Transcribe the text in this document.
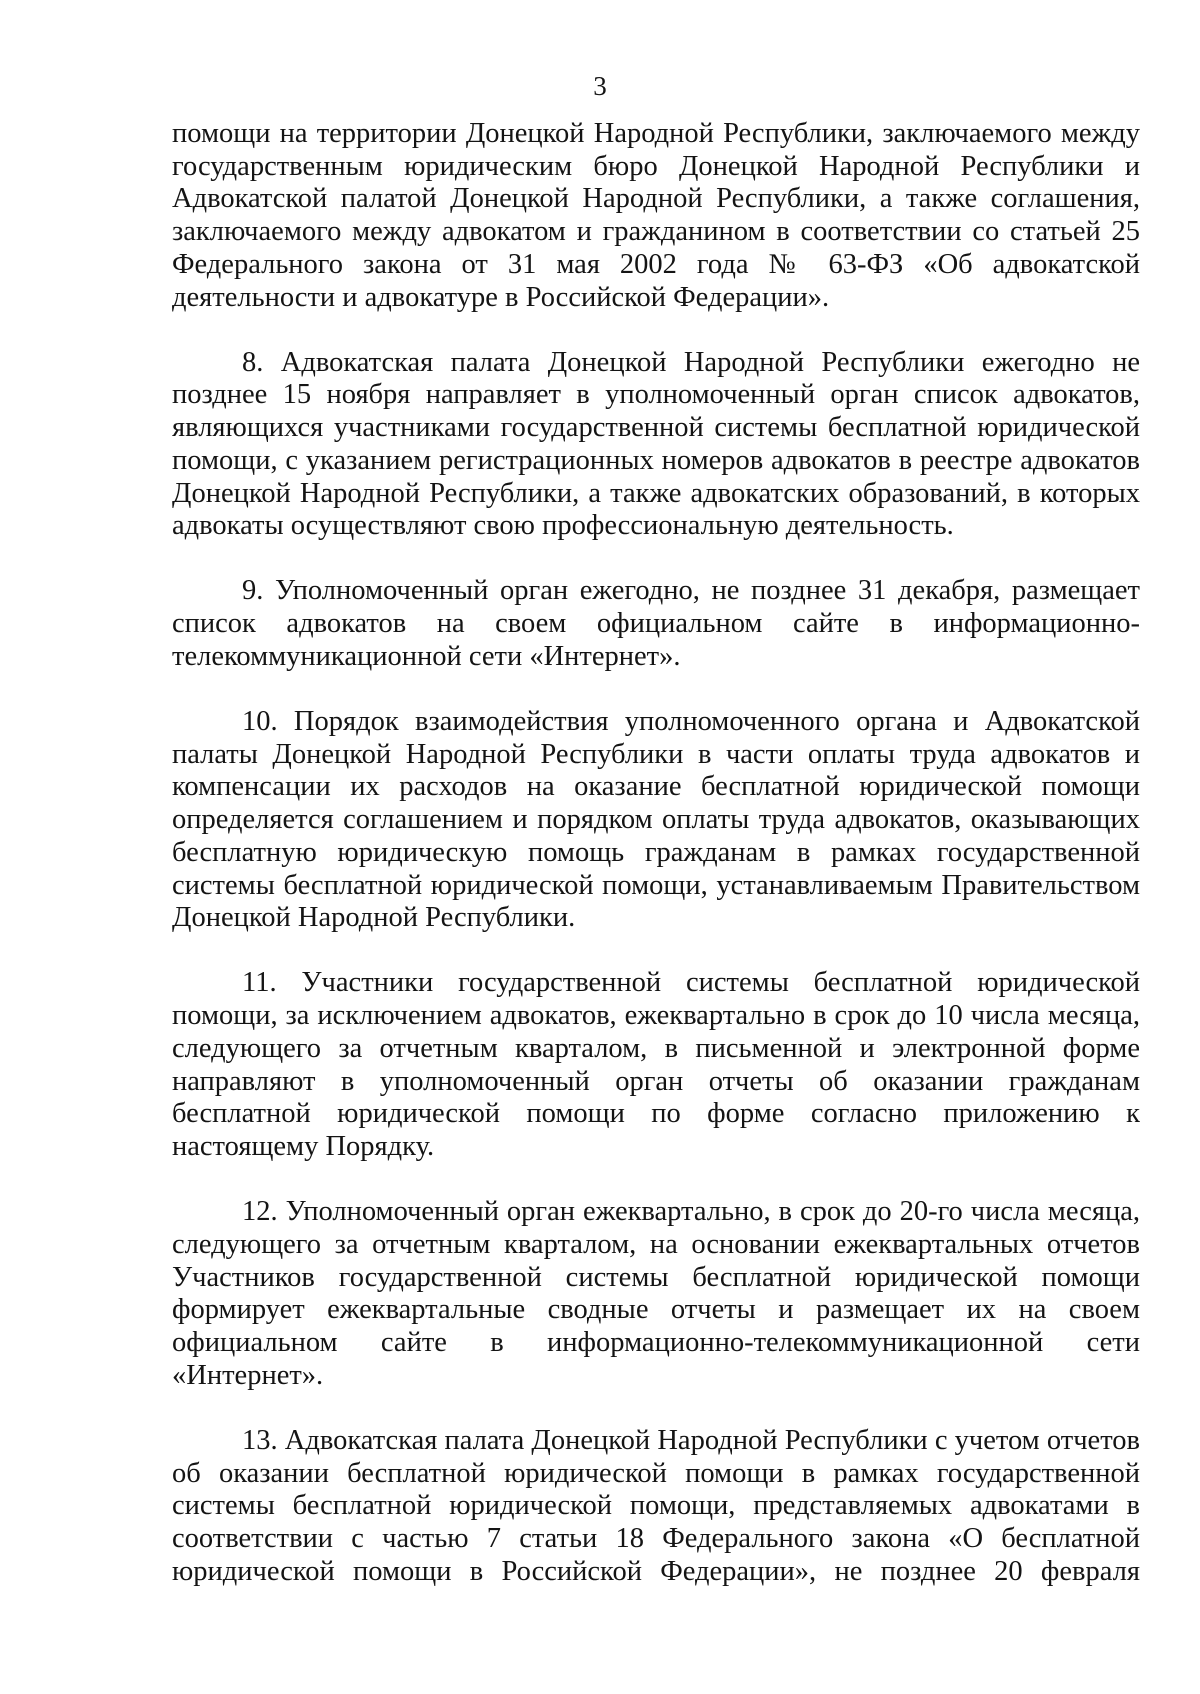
3

помощи на территории Донецкой Народной Республики, заключаемого между государственным юридическим бюро Донецкой Народной Республики и Адвокатской палатой Донецкой Народной Республики, а также соглашения, заключаемого между адвокатом и гражданином в соответствии со статьей 25 Федерального закона от 31 мая 2002 года № 63-ФЗ «Об адвокатской деятельности и адвокатуре в Российской Федерации».

8. Адвокатская палата Донецкой Народной Республики ежегодно не позднее 15 ноября направляет в уполномоченный орган список адвокатов, являющихся участниками государственной системы бесплатной юридической помощи, с указанием регистрационных номеров адвокатов в реестре адвокатов Донецкой Народной Республики, а также адвокатских образований, в которых адвокаты осуществляют свою профессиональную деятельность.

9. Уполномоченный орган ежегодно, не позднее 31 декабря, размещает список адвокатов на своем официальном сайте в информационно-телекоммуникационной сети «Интернет».

10. Порядок взаимодействия уполномоченного органа и Адвокатской палаты Донецкой Народной Республики в части оплаты труда адвокатов и компенсации их расходов на оказание бесплатной юридической помощи определяется соглашением и порядком оплаты труда адвокатов, оказывающих бесплатную юридическую помощь гражданам в рамках государственной системы бесплатной юридической помощи, устанавливаемым Правительством Донецкой Народной Республики.

11. Участники государственной системы бесплатной юридической помощи, за исключением адвокатов, ежеквартально в срок до 10 числа месяца, следующего за отчетным кварталом, в письменной и электронной форме направляют в уполномоченный орган отчеты об оказании гражданам бесплатной юридической помощи по форме согласно приложению к настоящему Порядку.

12. Уполномоченный орган ежеквартально, в срок до 20-го числа месяца, следующего за отчетным кварталом, на основании ежеквартальных отчетов Участников государственной системы бесплатной юридической помощи формирует ежеквартальные сводные отчеты и размещает их на своем официальном сайте в информационно-телекоммуникационной сети «Интернет».

13. Адвокатская палата Донецкой Народной Республики с учетом отчетов об оказании бесплатной юридической помощи в рамках государственной системы бесплатной юридической помощи, представляемых адвокатами в соответствии с частью 7 статьи 18 Федерального закона «О бесплатной юридической помощи в Российской Федерации», не позднее 20 февраля
